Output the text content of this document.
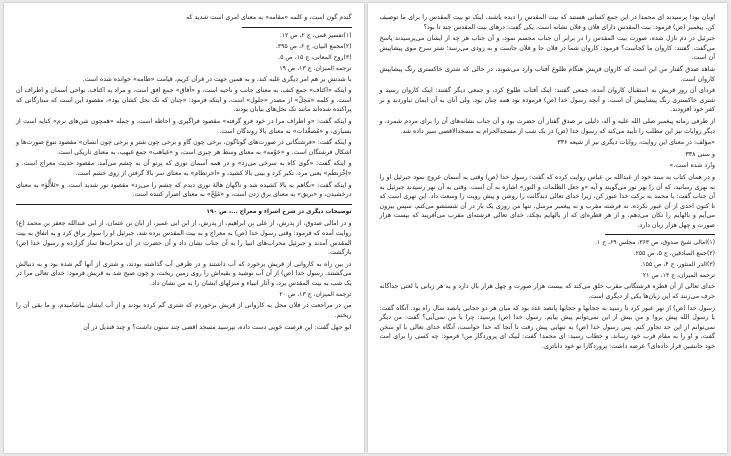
گندم گون است، و کلمه «مقامه» به معنای امری است شدید که

(۱)تفسیر قمی، ج ۲، ص ۱۲.

(۲)مجمع البیان، ج ۶، ص ۳۹۵.

(۳)روح المعانی، ج ۱۵، ص ۵.

ترجمه المیزان، ج ۱۳، ص ۱۹

با شدتش بر هم امر دیگری غلبه کند، و به همین جهت در قرآن کریم، قیامت «طامه» خوانده شده است.

و اینکه «اکناف» جمع کنف، به معنای جانب و ناحیه است، و «آفاق» جمع افق است، و مراد به اکناف، نواحی آسمان و اطراف آن است. و کلمه «مَحِلّ» از مصدر «حلول» است، و اینکه فرمود: «چنان که تک نخل کشان بود»، مقصود این است که ستارگانی که پراکنده شده‌اند مانند تک نخل‌های بیابان بودند.

و اینکه گفت: «و اطراف مرا در خود فرو گرفته» مقصود فراگیری و احاطه است، و جمله «همچون شن‌های نرم» کنایه است از بسیاری، و «مُصعِّدات» به معنای بالا روندگان است.

و اینکه گفت: «فرشتگانی در صورت‌های گوناگون، برخی چون گاو و برخی چون شتر و برخی چون انسان» مقصود تنوع صورت‌ها و اشکال فرشتگان است. و «حَوْمه» به معنای وسط هر چیزی است، و «غیاهب» جمع غیهب، به معنای تاریکی است.

و اینکه گفت: «گوی کاه به سرخی می‌زد» و در همه آسمان نوری که پرتو آن به چشم می‌آمد، مقصود حدیث معراج است. و «اِخْرَنطَم» یعنی مرد، تکبر کرد و بینی بالا کشید، و «اخرنطام» به معنای سر بالا گرفتن از روی خشم است.

و اینکه گفت: «نگاهم به بالا کشیده شد و ناگهان هالهٔ نوری دیدم که چشم را می‌زد» مقصود نور شدید است. و «تَلأْلُؤ» به معنای درخشیدن، و «بریق» به معنای برق زدن است، و «مُلِحّ» به معنای اصرار کننده است.

توضیحات دیگری در شرح اسراء و معراج ...، ص ۱۹۰

و در امالی صدوق، از پدرش، از علی بن ابراهیم، از پدرش، از ابن ابی عمیر، از ابان بن عثمان، از ابی عبدالله جعفر بن محمد (ع) روایت آمده که فرمود: وقتی رسول خدا (ص) به معراج و به بیت المقدس برده شد، جبرئیل او را سوار براق کرد و به اتفاق به بیت المقدس آمدند و جبرئیل محراب‌های انبیا را به آن جناب نشان داد و آن حضرت در آن محراب‌ها نماز گزارده و رسول خدا (ص) بازگشت.

در بین راه به کاروانی از قریش برخورد که آب داشتند و در ظرفی آب گذاشته بودند، و شتری از آنها گم شده بود و به دنبالش می‌گشتند. رسول خدا (ص) از آن آب نوشید و بقیه‌اش را روی زمین ریخت، و چون صبح شد به قریش فرمود: خدای تعالی مرا در یک شب به بیت المقدس برد، و آثار انبیاء و منزلهای ایشان را به من نشان داد.

ترجمه المیزان، ج ۱۳، ص ۲۰

من در مراجعت در فلان محل به کاروانی از قریش برخوردم که شتری گم کرده بودند و از آب ایشان بیاشامیدم، و ما بقی آن را ریختم.

ابو جهل گفت: این فرصت خوبی دست داده، بپرسید مسجد اقصی چند ستون داشت؟ و چند قندیل در آن

اوبان بود! پرسیدند ای محمدا در این جمع کسانی هستند که بیت المقدس را دیده باشند، اینک تو بیت المقدس را برای ما توصیف کن. پیغمبر (ص) فرمود: بیت المقدس دارای فلان و فلان نشانه است. یکی گفت: درهای بیت المقدس چند تا بود؟

جبرئیل در دم نازل شده، صورت بیت المقدس را در برابر آن جناب مجسم نمود، و آن جناب هر چه از ایشان می‌پرسیدند پاسخ می‌گفت. گفتند: کاروان ما کجاست؟ فرمود: کاروان شما در فلان جا و فلان جاست و به زودی می‌رسد؛ شتر سرخ موی پیشاپیش آن است.

شاهد صدق گفتار من این است که کاروان قریش هنگام طلوع آفتاب وارد می‌شوند، در حالی که شتری خاکستری رنگ پیشاپیش کاروان است.

فردای آن روز قریش به استقبال کاروان آمده، جمعی گفتند: اینک آفتاب طلوع کرد، و جمعی دیگر گفتند: اینک کاروان رسید و شتری خاکستری رنگ پیشاپیش آن است. و آنچه رسول خدا (ص) فرموده بود همه چنان بود، ولی آنان به آن ایمان نیاوردند و بر کفر خود افزودند.

از طرفی رمانه پیغمبر صلی الله علیه و آله، دلیلی بر صدق گفتار آن حضرت بود و آن جناب نشانه‌های آن را برای مردم شمرد، و دیگر روایات نیز این مطلب را تأیید می‌کند که رسول خدا (ص) در یک شب از مسجدالحرام به مسجدالاقصی سیر داده شد.

«مؤلف: در معنای این روایت، روایات دیگری نیز از شیعه ۳۳۶

و سنی ۳۳۸

وارد شده است.»

و در همان کتاب به سند خود از عبدالله بن عباس روایت کرده که گفت: رسول خدا (ص) وقتی به آسمان عروج نمود جبرئیل او را به نهری رسانید، که آن را نهر نور می‌گویند و آیه «و جعل الظلمات و النور» اشاره به آن است. وقتی به آن نهر رسیدند جبرئیل به آن جناب گفت: یا محمد به برکت خدا عبور کن، زیرا خدای تعالی دیدگانت را روشن و پیش رویت را وسعت داد. این نهری است که تا کنون احدی از آن عبور نکرده، نه فرشته مقرب و نه پیغمبر مرسل، تنها من روزی یک بار در آن شستشو می‌کنم، سپس بیرون می‌آیم و بالهایم را تکان می‌دهم، و از هر قطره‌ای که از بالهایم بچکد، خدای تعالی فرشته‌ای مقرب می‌آفریند که بیست هزار صورت و چهل هزار زبان دارد.

(۱)امالی شیخ صدوق، ص ۳۶۳، مجلس ۶۹، ح ۱.

(۲)جمع الصادقین، ج ۵، ص ۲۵۵.

(۳)الدر المنثور، ج ۴، ص ۱۵۵.

ترجمه المیزان، ج ۱۳، ص ۲۱

خدای تعالی از آن قطره فرشتگانی مقرب خلق می‌کند که بیست هزار صورت و چهل هزار بال دارد و به هر زبانی با لغتی جداگانه حرف می‌زنند که این زبان‌ها یکی از دیگری است.

رسول خدا (ص) از نهر عبور کرد تا رسید به حجابها و حجابها پانصد عدد بود که میان هر دو حجابی پانصد سال راه بود. آنگاه گفت: یا رسول الله پیش برو! و من بیش از این نمی‌توانم پیش بیایم. رسول خدا (ص) پرسید: چرا با من نمی‌آیی؟ گفت: من دیگر نمی‌توانم از این حد تجاوز کنم. پس رسول خدا (ص) به تنهایی پیش رفت تا آنجا که خدا خواست، آنگاه خدای تعالی با او سخن گفت، و او را به مقام قرب خود رساند، و خطاب رسید: ای محمد! گفت: لبیک ای پروردگار من! فرمود: چه کسی را برای امت خود جانشین قرار داده‌ای؟ عرضه داشت: پروردگارا تو خود داناتری.
